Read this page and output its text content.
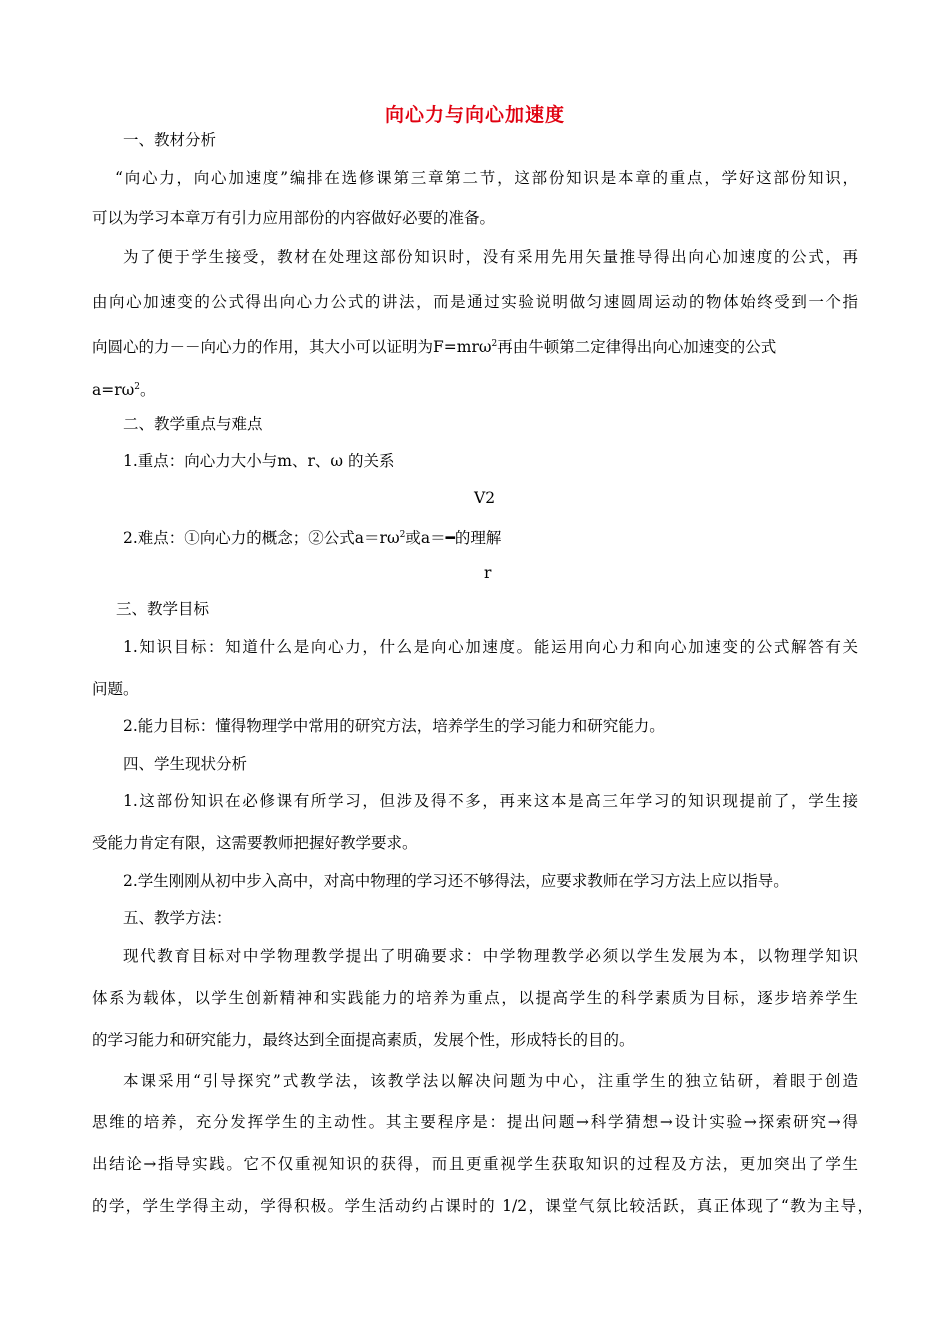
向心力与向心加速度
一、教材分析
“向心力，向心加速度”编排在选修课第三章第二节，这部份知识是本章的重点，学好这部份知识，
可以为学习本章万有引力应用部份的内容做好必要的准备。
为了便于学生接受，教材在处理这部份知识时，没有采用先用矢量推导得出向心加速度的公式，再
由向心加速变的公式得出向心力公式的讲法，而是通过实验说明做匀速圆周运动的物体始终受到一个指
向圆心的力－－向心力的作用，其大小可以证明为F=mrω$^2$再由牛顿第二定律得出向心加速变的公式
$a=r\omega^2$。
二、教学重点与难点
1.重点：向心力大小与m、r、ω 的关系
V2
2.难点：①向心力的概念；②公式$a=r\omega^2$或a＝━的理解
r
三、教学目标
1.知识目标：知道什么是向心力，什么是向心加速度。能运用向心力和向心加速变的公式解答有关
问题。
2.能力目标：懂得物理学中常用的研究方法，培养学生的学习能力和研究能力。
四、学生现状分析
1.这部份知识在必修课有所学习，但涉及得不多，再来这本是高三年学习的知识现提前了，学生接
受能力肯定有限，这需要教师把握好教学要求。
2.学生刚刚从初中步入高中，对高中物理的学习还不够得法，应要求教师在学习方法上应以指导。
五、教学方法：
现代教育目标对中学物理教学提出了明确要求：中学物理教学必须以学生发展为本，以物理学知识
体系为载体，以学生创新精神和实践能力的培养为重点，以提高学生的科学素质为目标，逐步培养学生
的学习能力和研究能力，最终达到全面提高素质，发展个性，形成特长的目的。
本课采用“引导探究”式教学法，该教学法以解决问题为中心，注重学生的独立钻研，着眼于创造
思维的培养，充分发挥学生的主动性。其主要程序是：提出问题→科学猜想→设计实验→探索研究→得
出结论→指导实践。它不仅重视知识的获得，而且更重视学生获取知识的过程及方法，更加突出了学生
的学，学生学得主动，学得积极。学生活动约占课时的 1/2，课堂气氛比较活跃，真正体现了“教为主导，
